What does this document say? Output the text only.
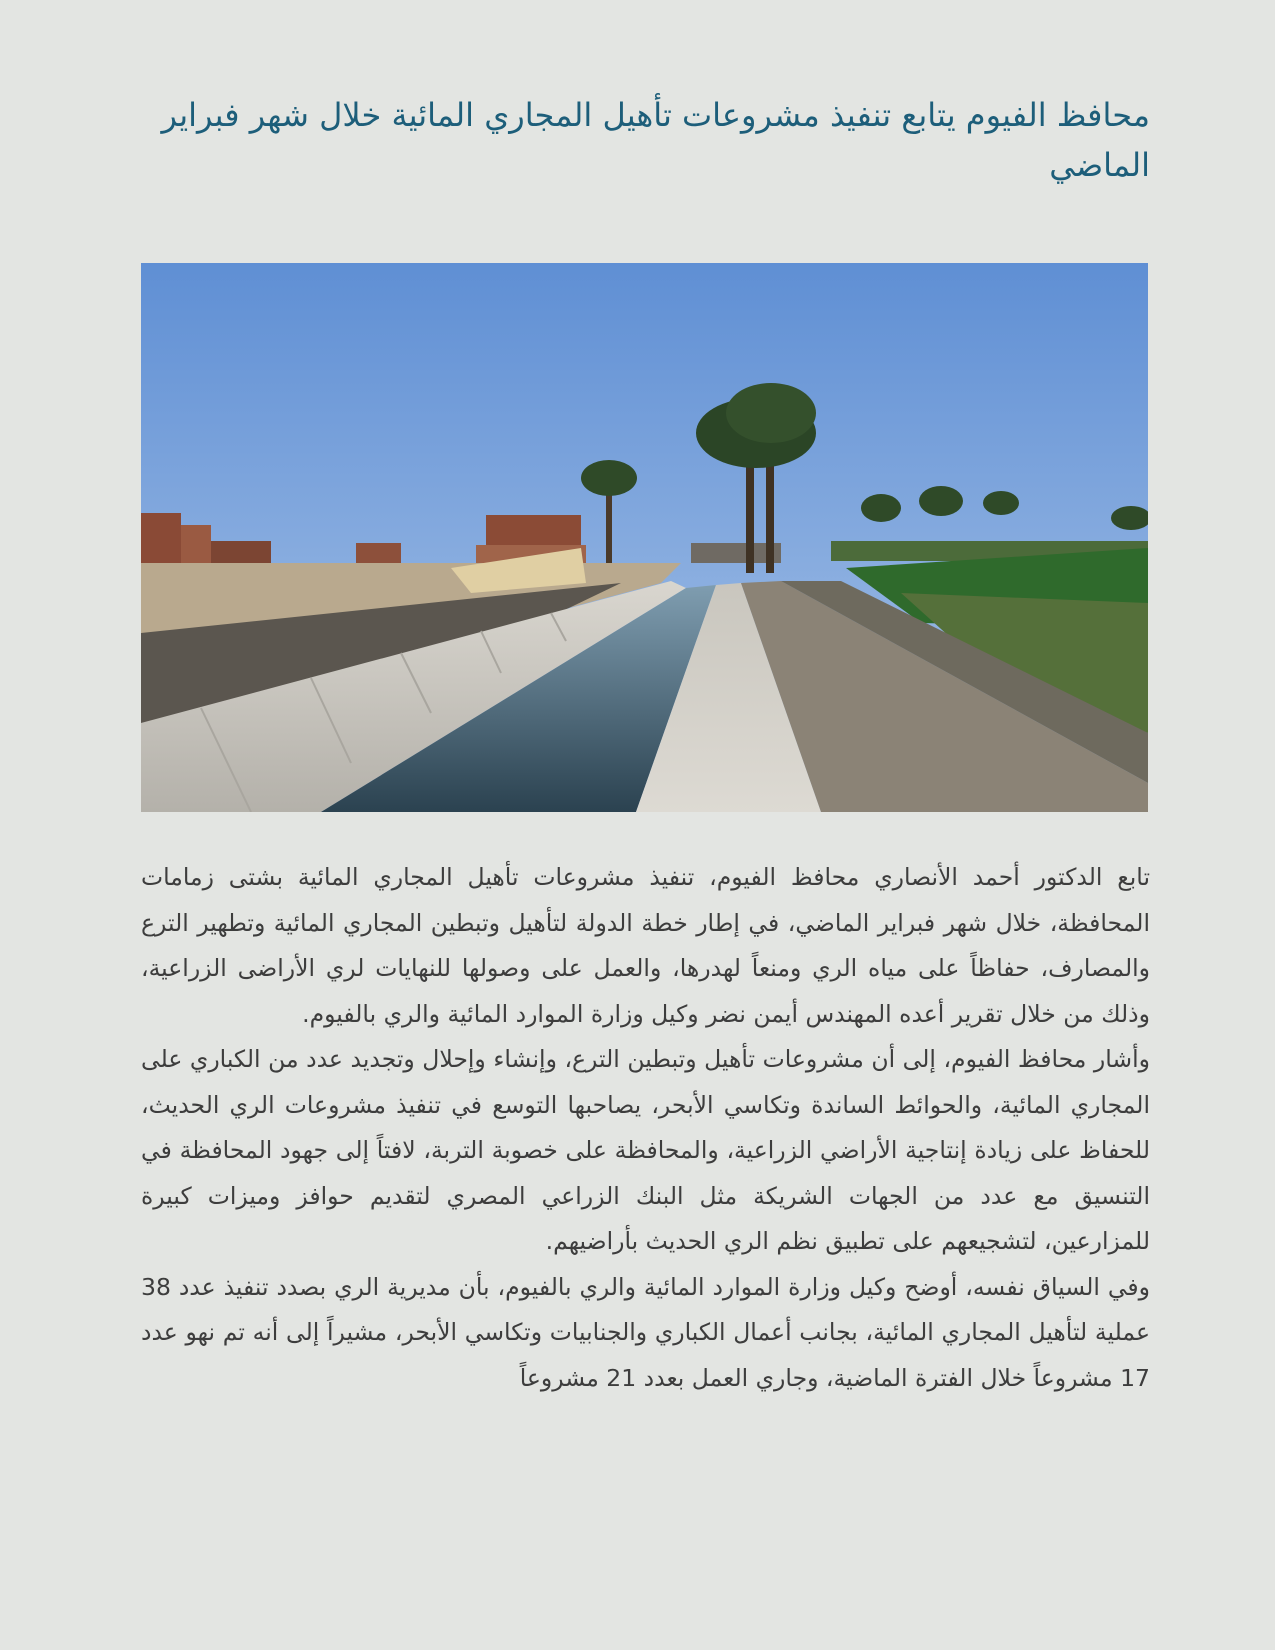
محافظ الفيوم يتابع تنفيذ مشروعات تأهيل المجاري المائية خلال شهر فبراير الماضي

تابع الدكتور أحمد الأنصاري محافظ الفيوم، تنفيذ مشروعات تأهيل المجاري المائية بشتى زمامات المحافظة، خلال شهر فبراير الماضي، في إطار خطة الدولة لتأهيل وتبطين المجاري المائية وتطهير الترع والمصارف، حفاظاً على مياه الري ومنعاً لهدرها، والعمل على وصولها للنهايات لري الأراضى الزراعية، وذلك من خلال تقرير أعده المهندس أيمن نضر وكيل وزارة الموارد المائية والري بالفيوم.

وأشار محافظ الفيوم، إلى أن مشروعات تأهيل وتبطين الترع، وإنشاء وإحلال وتجديد عدد من الكباري على المجاري المائية، والحوائط الساندة وتكاسي الأبحر، يصاحبها التوسع في تنفيذ مشروعات الري الحديث، للحفاظ على زيادة إنتاجية الأراضي الزراعية، والمحافظة على خصوبة التربة، لافتاً إلى جهود المحافظة في التنسيق مع عدد من الجهات الشريكة مثل البنك الزراعي المصري لتقديم حوافز وميزات كبيرة للمزارعين، لتشجيعهم على تطبيق نظم الري الحديث بأراضيهم.

وفي السياق نفسه، أوضح وكيل وزارة الموارد المائية والري بالفيوم، بأن مديرية الري بصدد تنفيذ عدد 38 عملية لتأهيل المجاري المائية، بجانب أعمال الكباري والجنابيات وتكاسي الأبحر، مشيراً إلى أنه تم نهو عدد 17 مشروعاً خلال الفترة الماضية، وجاري العمل بعدد 21 مشروعاً
